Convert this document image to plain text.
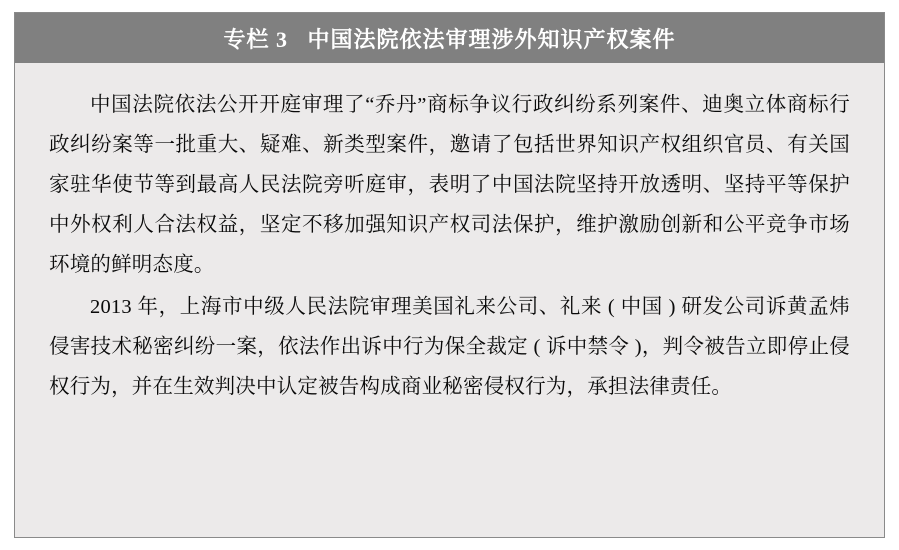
专栏 3   中国法院依法审理涉外知识产权案件

中国法院依法公开开庭审理了“乔丹”商标争议行政纠纷系列案件、迪奥立体商标行政纠纷案等一批重大、疑难、新类型案件，邀请了包括世界知识产权组织官员、有关国家驻华使节等到最高人民法院旁听庭审，表明了中国法院坚持开放透明、坚持平等保护中外权利人合法权益，坚定不移加强知识产权司法保护，维护激励创新和公平竞争市场环境的鲜明态度。

2013 年，上海市中级人民法院审理美国礼来公司、礼来 ( 中国 ) 研发公司诉黄孟炜侵害技术秘密纠纷一案，依法作出诉中行为保全裁定 ( 诉中禁令 )，判令被告立即停止侵权行为，并在生效判决中认定被告构成商业秘密侵权行为，承担法律责任。
